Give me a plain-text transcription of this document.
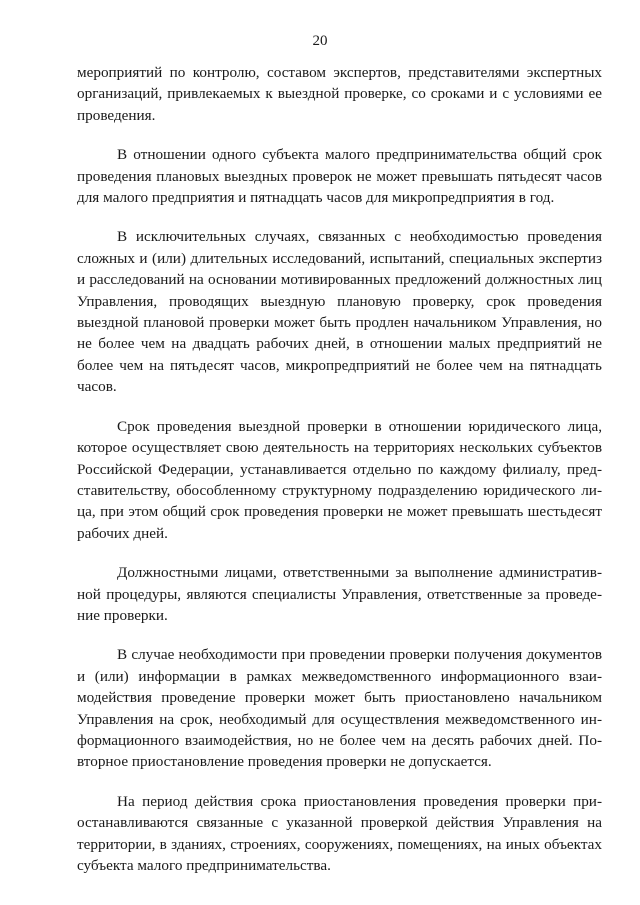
20

мероприятий по контролю, составом экспертов, представителями экспертных организаций, привлекаемых к выездной проверке, со сроками и с условиями ее проведения.

В отношении одного субъекта малого предпринимательства общий срок проведения плановых выездных проверок не может превышать пятьдесят часов для малого предприятия и пятнадцать часов для микропредприятия в год.

В исключительных случаях, связанных с необходимостью проведения сложных и (или) длительных исследований, испытаний, специальных экспертиз и расследований на основании мотивированных предложений должностных лиц Управления, проводящих выездную плановую проверку, срок проведения выездной плановой проверки может быть продлен начальником Управления, но не более чем на двадцать рабочих дней, в отношении малых предприятий не более чем на пятьдесят часов, микропредприятий не более чем на пятнадцать часов.

Срок проведения выездной проверки в отношении юридического лица, которое осуществляет свою деятельность на территориях нескольких субъектов Российской Федерации, устанавливается отдельно по каждому филиалу, представительству, обособленному структурному подразделению юридического лица, при этом общий срок проведения проверки не может превышать шестьдесят рабочих дней.

Должностными лицами, ответственными за выполнение административной процедуры, являются специалисты Управления, ответственные за проведение проверки.

В случае необходимости при проведении проверки получения документов и (или) информации в рамках межведомственного информационного взаимодействия проведение проверки может быть приостановлено начальником Управления на срок, необходимый для осуществления межведомственного информационного взаимодействия, но не более чем на десять рабочих дней. Повторное приостановление проведения проверки не допускается.

На период действия срока приостановления проведения проверки приостанавливаются связанные с указанной проверкой действия Управления на территории, в зданиях, строениях, сооружениях, помещениях, на иных объектах субъекта малого предпринимательства.
